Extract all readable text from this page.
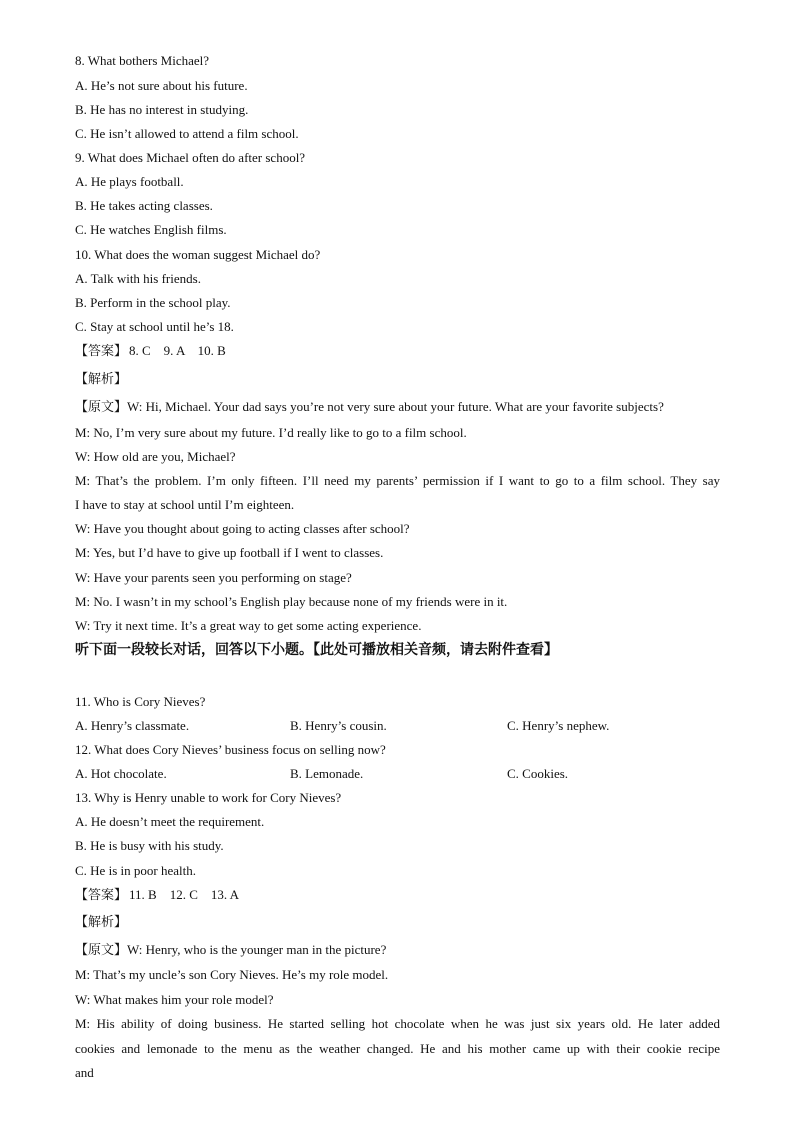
8. What bothers Michael?
A. He’s not sure about his future.
B. He has no interest in studying.
C. He isn’t allowed to attend a film school.
9. What does Michael often do after school?
A. He plays football.
B. He takes acting classes.
C. He watches English films.
10. What does the woman suggest Michael do?
A. Talk with his friends.
B. Perform in the school play.
C. Stay at school until he’s 18.
【答案】 8. C    9. A    10. B
【解析】
【原文】W: Hi, Michael. Your dad says you’re not very sure about your future. What are your favorite subjects?
M: No, I’m very sure about my future. I’d really like to go to a film school.
W: How old are you, Michael?
M: That’s the problem. I’m only fifteen. I’ll need my parents’ permission if I want to go to a film school. They say
I have to stay at school until I’m eighteen.
W: Have you thought about going to acting classes after school?
M: Yes, but I’d have to give up football if I went to classes.
W: Have your parents seen you performing on stage?
M: No. I wasn’t in my school’s English play because none of my friends were in it.
W: Try it next time. It’s a great way to get some acting experience.
听下面一段较长对话，回答以下小题。【此处可播放相关音频，请去附件查看】
11. Who is Cory Nieves?
A. Henry’s classmate.	B. Henry’s cousin.	C. Henry’s nephew.
12. What does Cory Nieves’ business focus on selling now?
A. Hot chocolate.	B. Lemonade.	C. Cookies.
13. Why is Henry unable to work for Cory Nieves?
A. He doesn’t meet the requirement.
B. He is busy with his study.
C. He is in poor health.
【答案】 11. B    12. C    13. A
【解析】
【原文】W: Henry, who is the younger man in the picture?
M: That’s my uncle’s son Cory Nieves. He’s my role model.
W: What makes him your role model?
M: His ability of doing business. He started selling hot chocolate when he was just six years old. He later added
cookies and lemonade to the menu as the weather changed. He and his mother came up with their cookie recipe
and
